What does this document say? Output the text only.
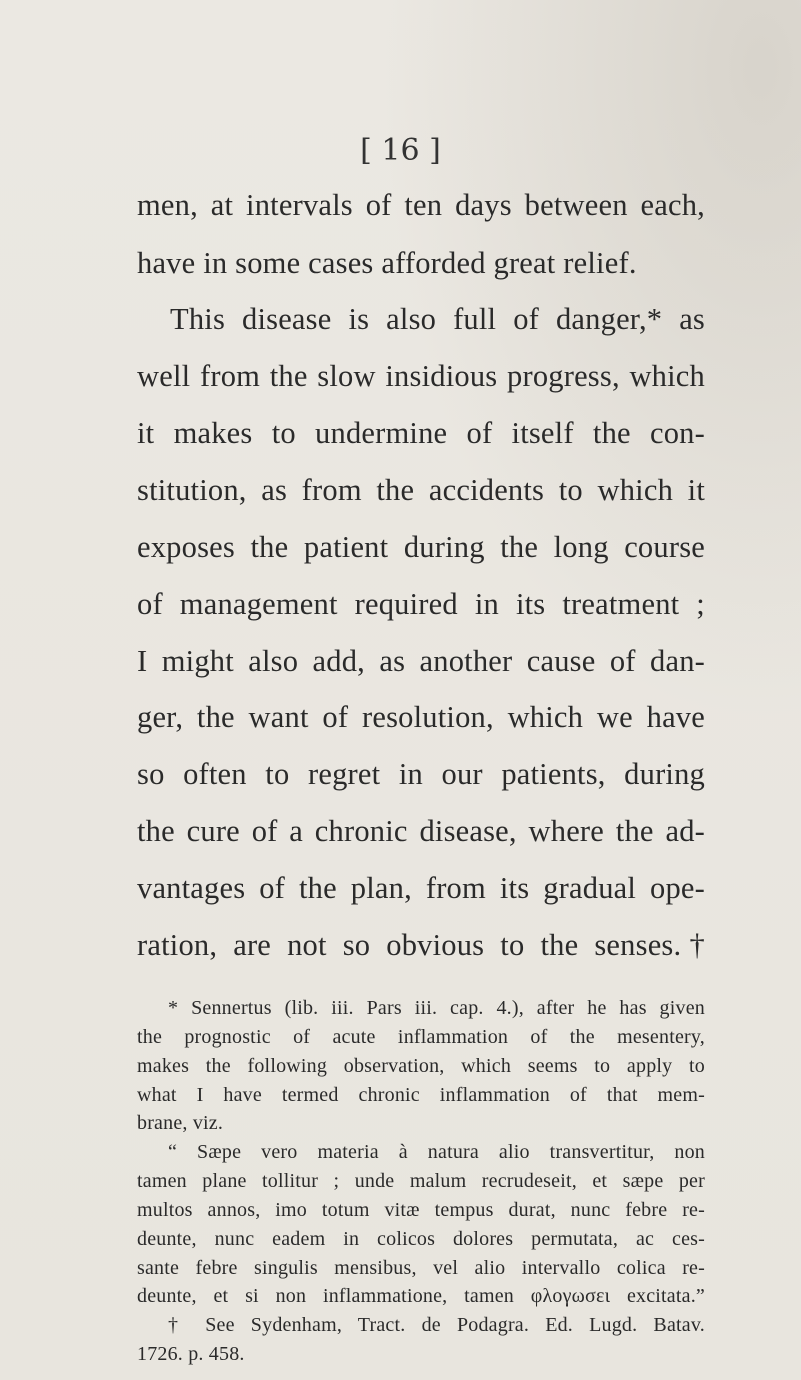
[ 16 ]
men, at intervals of ten days between each,
have in some cases afforded great relief.
This disease is also full of danger,* as
well from the slow insidious progress, which
it makes to undermine of itself the con-
stitution, as from the accidents to which it
exposes the patient during the long course
of management required in its treatment ;
I might also add, as another cause of dan-
ger, the want of resolution, which we have
so often to regret in our patients, during
the cure of a chronic disease, where the ad-
vantages of the plan, from its gradual ope-
ration, are not so obvious to the senses.†
* Sennertus (lib. iii. Pars iii. cap. 4.), after he has given
the prognostic of acute inflammation of the mesentery,
makes the following observation, which seems to apply to
what I have termed chronic inflammation of that mem-
brane, viz.
“ Sæpe vero materia à natura alio transvertitur, non
tamen plane tollitur ; unde malum recrudeseit, et sæpe per
multos annos, imo totum vitæ tempus durat, nunc febre re-
deunte, nunc eadem in colicos dolores permutata, ac ces-
sante febre singulis mensibus, vel alio intervallo colica re-
deunte, et si non inflammatione, tamen φλογωσει excitata.”
† See Sydenham, Tract. de Podagra. Ed. Lugd. Batav.
1726. p. 458.
